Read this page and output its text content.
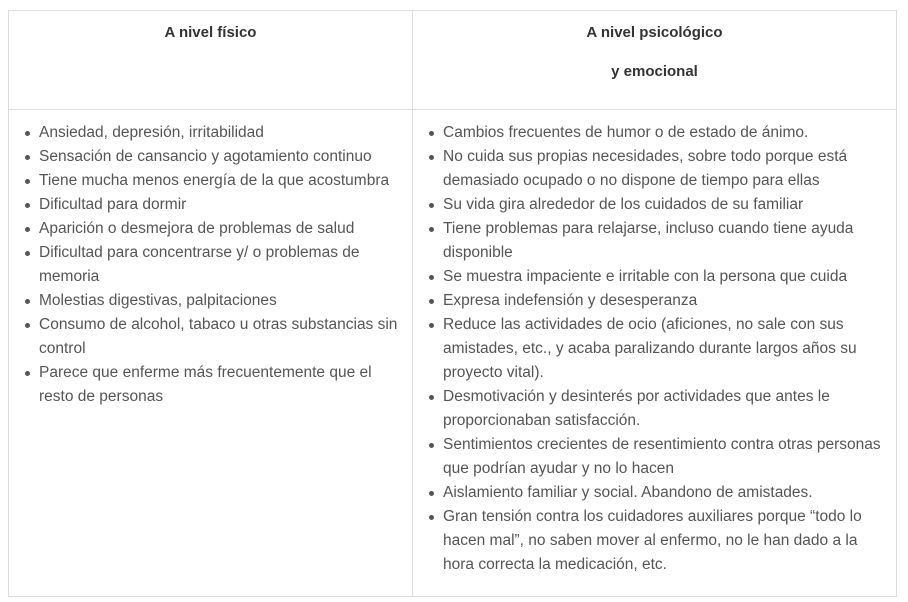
A nivel físico	A nivel psicológico
y emocional
Ansiedad, depresión, irritabilidad
Sensación de cansancio y agotamiento continuo
Tiene mucha menos energía de la que acostumbra
Dificultad para dormir
Aparición o desmejora de problemas de salud
Dificultad para concentrarse y/ o problemas de memoria
Molestias digestivas, palpitaciones
Consumo de alcohol, tabaco u otras substancias sin control
Parece que enferme más frecuentemente que el resto de personas
Cambios frecuentes de humor o de estado de ánimo.
No cuida sus propias necesidades, sobre todo porque está demasiado ocupado o no dispone de tiempo para ellas
Su vida gira alrededor de los cuidados de su familiar
Tiene problemas para relajarse, incluso cuando tiene ayuda disponible
Se muestra impaciente e irritable con la persona que cuida
Expresa indefensión y desesperanza
Reduce las actividades de ocio (aficiones, no sale con sus amistades, etc., y acaba paralizando durante largos años su proyecto vital).
Desmotivación y desinterés por actividades que antes le proporcionaban satisfacción.
Sentimientos crecientes de resentimiento contra otras personas que podrían ayudar y no lo hacen
Aislamiento familiar y social. Abandono de amistades.
Gran tensión contra los cuidadores auxiliares porque “todo lo hacen mal”, no saben mover al enfermo, no le han dado a la hora correcta la medicación, etc.
